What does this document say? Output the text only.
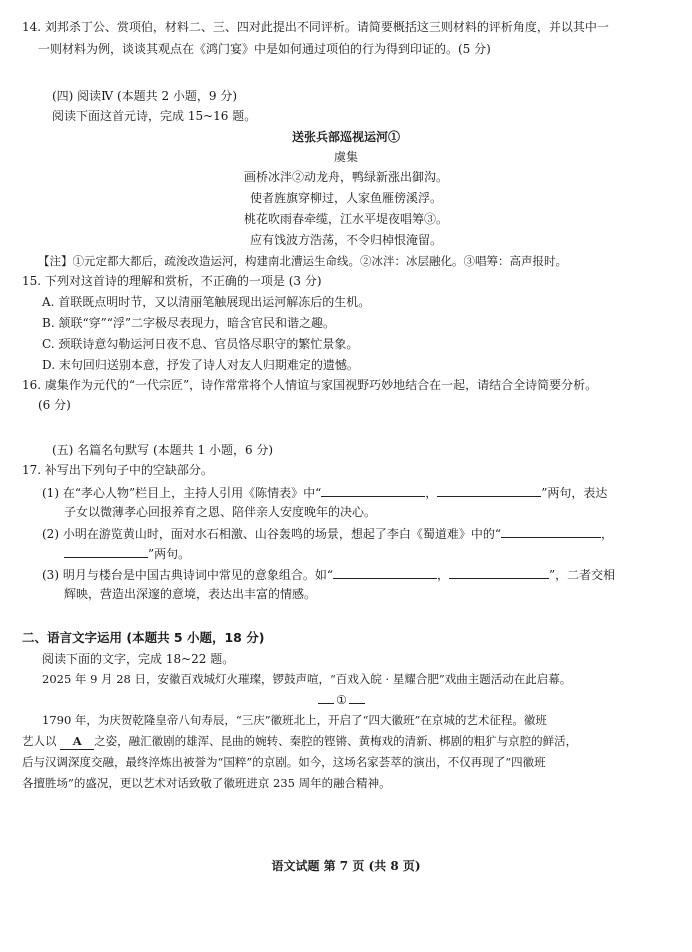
14. 刘邦杀丁公、赏项伯，材料二、三、四对此提出不同评析。请简要概括这三则材料的评析角度，并以其中一
一则材料为例，谈谈其观点在《鸿门宴》中是如何通过项伯的行为得到印证的。(5 分)
(四) 阅读Ⅳ (本题共 2 小题，9 分)
阅读下面这首元诗，完成 15~16 题。
送张兵部巡视运河①
虞集
画桥冰泮②动龙舟，鸭绿新涨出御沟。
使者旌旗穿柳过，人家鱼雁傍溪浮。
桃花吹雨春牵缆，江水平堤夜唱筹③。
应有饯波方浩荡，不令归棹恨淹留。
【注】①元定都大都后，疏浚改造运河，构建南北漕运生命线。②冰泮：冰层融化。③唱筹：高声报时。
15. 下列对这首诗的理解和赏析，不正确的一项是 (3 分)
A. 首联既点明时节，又以清丽笔触展现出运河解冻后的生机。
B. 颔联“穿”“浮”二字极尽表现力，暗含官民和谐之趣。
C. 颈联诗意勾勒运河日夜不息、官员恪尽职守的繁忙景象。
D. 末句回归送别本意，抒发了诗人对友人归期难定的遗憾。
16. 虞集作为元代的“一代宗匠”，诗作常常将个人情谊与家国视野巧妙地结合在一起，请结合全诗简要分析。
(6 分)
(五) 名篇名句默写 (本题共 1 小题，6 分)
17. 补写出下列句子中的空缺部分。
(1) 在“孝心人物”栏目上，主持人引用《陈情表》中“	，	”两句，表达
子女以微薄孝心回报养育之恩、陪伴亲人安度晚年的决心。
(2) 小明在游览黄山时，面对水石相激、山谷轰鸣的场景，想起了李白《蜀道难》中的“	，
”两句。
(3) 明月与楼台是中国古典诗词中常见的意象组合。如“	，	”，二者交相
辉映，营造出深邃的意境，表达出丰富的情感。
二、语言文字运用 (本题共 5 小题，18 分)
阅读下面的文字，完成 18~22 题。
2025 年 9 月 28 日，安徽百戏城灯火璀璨，锣鼓声喧，“百戏入皖 · 星耀合肥”戏曲主题活动在此启幕。
①
1790 年，为庆贺乾隆皇帝八旬寿辰，“三庆”徽班北上，开启了“四大徽班”在京城的艺术征程。徽班
艺人以 A 之姿，融汇徽剧的雄浑、昆曲的婉转、秦腔的铿锵、黄梅戏的清新、梆剧的粗犷与京腔的鲜活，
后与汉调深度交融，最终淬炼出被誉为“国粹”的京剧。如今，这场名家荟萃的演出，不仅再现了“四徽班
各擅胜场”的盛况，更以艺术对话致敬了徽班进京 235 周年的融合精神。
语文试题 第 7 页 (共 8 页)
